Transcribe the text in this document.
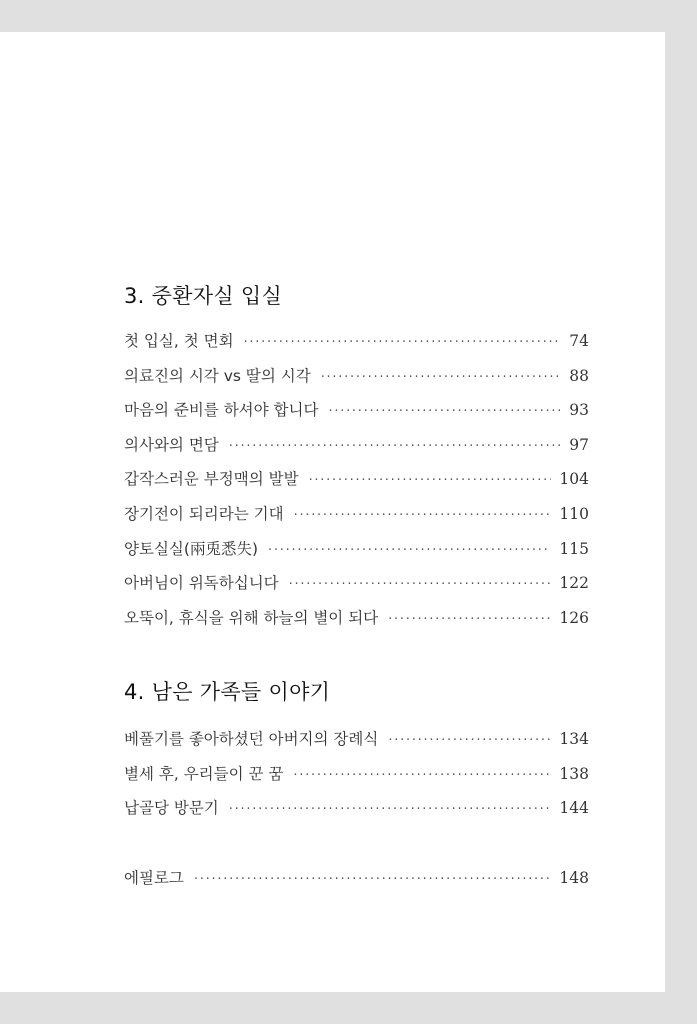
3. 중환자실 입실
첫 입실, 첫 면회 · · ·	74
의료진의 시각 vs 딸의 시각 · · ·	88
마음의 준비를 하셔야 합니다 · · ·	93
의사와의 면담 · · ·	97
갑작스러운 부정맥의 발발 · · ·	104
장기전이 되리라는 기대 · · ·	110
양토실실(兩兎悉失) · · ·	115
아버님이 위독하십니다 · · ·	122
오뚝이, 휴식을 위해 하늘의 별이 되다 · · ·	126
4. 남은 가족들 이야기
베풀기를 좋아하셨던 아버지의 장례식 · · ·	134
별세 후, 우리들이 꾼 꿈 · · ·	138
납골당 방문기 · · ·	144
에필로그 · · ·	148
